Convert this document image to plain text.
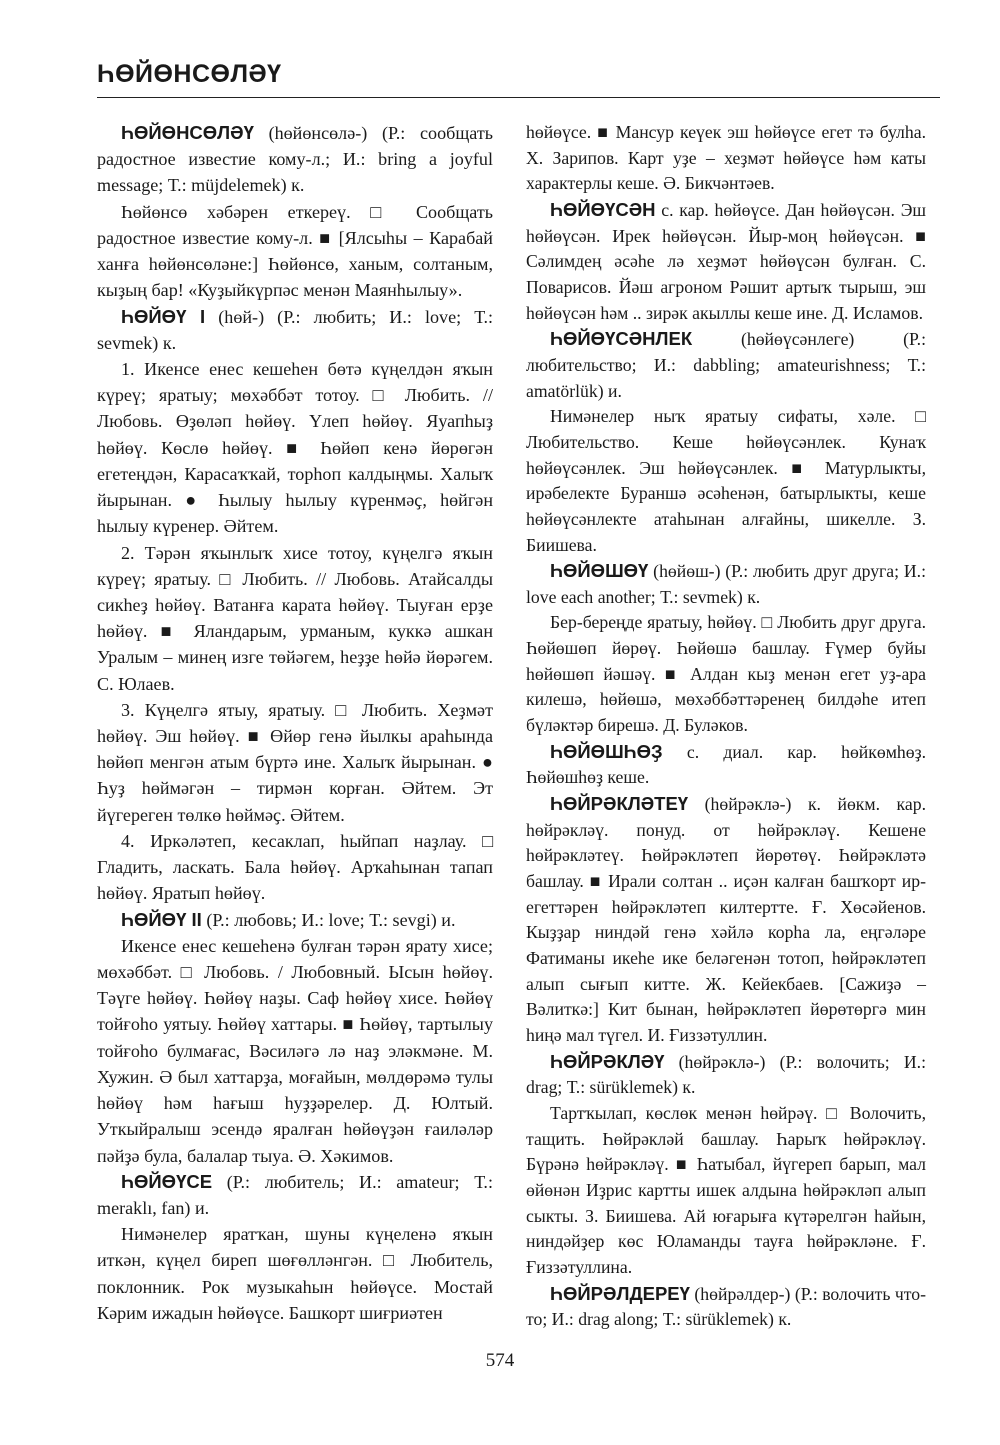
ҺӨЙӨНСӨЛӘҮ

ҺӨЙӨНСӨЛӘҮ (һөйөнсөлә-) (Р.: сообщать радостное известие кому-л.; И.: bring a joyful message; Т.: müjdelemek) к.

Һөйөнсө хәбәрен еткереү. □ Сообщать радостное известие кому-л. ■ [Ялсыһы – Карабай ханға һөйөнсөләне:] Һөйөнсө, ханым, солтаным, кыҙың бар! «Куҙыйкүрпәс менән Маянһылыу».

ҺӨЙӨҮ I (һөй-) (Р.: любить; И.: love; Т.: sevmek) к.

1. Икенсе енес кешеһен бөтә күңелдән яҡын күреү; яратыу; мөхәббәт тотоу. □ Любить. // Любовь. Өҙөләп һөйөү. Үлеп һөйөү. Яуапһыҙ һөйөү. Көслө һөйөү. ■ Һөйөп кенә йөрөгән егетеңдән, Карасаҡҡай, торһоп калдыңмы. Халыҡ йырынан. ● Һылыу һылыу күренмәҫ, һөйгән һылыу күренер. Әйтем.

2. Тәрән яҡынлыҡ хисе тотоу, күңелгә яҡын күреү; яратыу. □ Любить. // Любовь. Атайсалды сикһеҙ һөйөү. Ватанға карата һөйөү. Тыуған ерҙе һөйөү. ■ Яландарым, урманым, куккә ашкан Уралым – минең изге төйәгем, һеҙҙе һөйә йөрәгем. С. Юлаев.

3. Күңелгә ятыу, яратыу. □ Любить. Хеҙмәт һөйөү. Эш һөйөү. ■ Өйөр генә йылкы араһында һөйөп менгән атым бүртә ине. Халыҡ йырынан. ● Һуҙ һөймәгән – тирмән корған. Әйтем. Эт йүгереген төлкө һөймәҫ. Әйтем.

4. Иркәләтеп, кесаклап, һыйпап наҙлау. □ Гладить, ласкать. Бала һөйөү. Арҡаһынан тапап һөйөү. Яратып һөйөү.

ҺӨЙӨҮ II (Р.: любовь; И.: love; Т.: sevgi) и.

Икенсе енес кешеһенә булған тәрән ярату хисе; мөхәббәт. □ Любовь. / Любовный. Ысын һөйөү. Тәүге һөйөү. Һөйөү наҙы. Саф һөйөү хисе. Һөйөү тойғоһо уятыу. Һөйөү хаттары. ■ Һөйөү, тартылыу тойғоһо булмағас, Вәсиләгә лә наҙ эләкмәне. М. Хужин. Ә был хаттарҙа, моғайын, мөлдөрәмә тулы һөйөү һәм һағыш һуҙҙәрелер. Д. Юлтый. Уткыйралыш эсендә яралған һөйөүҙән ғаиләләр пәйҙә була, балалар тыуа. Ә. Хәкимов.

ҺӨЙӨҮСЕ (Р.: любитель; И.: amateur; Т.: meraklı, fan) и.

Нимәнелер яратҡан, шуны күңеленә яҡын иткән, күңел биреп шөғөлләнгән. □ Любитель, поклонник. Рок музыкаһын һөйөүсе. Мостай Кәрим ижадын һөйөүсе. Башкорт шиғриәтен

һөйөүсе. ■ Мансур кеүек эш һөйөүсе егет тә булһа. Х. Зарипов. Карт уҙе – хеҙмәт һөйөүсе һәм каты характерлы кеше. Ә. Бикчәнтәев.

ҺӨЙӨҮСӘН с. кар. һөйөүсе. Дан һөйөүсән. Эш һөйөүсән. Ирек һөйөүсән. Йыр-моң һөйөүсән. ■ Сәлимдең әсәһе лә хеҙмәт һөйөүсән булған. С. Поварисов. Йәш агроном Рәшит артыҡ тырыш, эш һөйөүсән һәм .. зирәк акыллы кеше ине. Д. Исламов.

ҺӨЙӨҮСӘНЛЕК (һөйөүсәнлеге) (Р.: любительство; И.: dabbling; amateurishness; Т.: amatörlük) и.

Нимәнелер ныҡ яратыу сифаты, хәле. □ Любительство. Кеше һөйөүсәнлек. Кунаҡ һөйөүсәнлек. Эш һөйөүсәнлек. ■ Матурлыкты, ирәбелекте Бураншә әсәһенән, батырлыкты, кеше һөйөүсәнлекте атаһынан алғайны, шикелле. З. Биишева.

ҺӨЙӨШӨҮ (һөйөш-) (Р.: любить друг друга; И.: love each another; Т.: sevmek) к.

Бер-береңде яратыу, һөйөү. □ Любить друг друга. Һөйөшөп йөрөү. Һөйөшә башлау. Ғүмер буйы һөйөшөп йәшәү. ■ Алдан кыҙ менән егет уҙ-ара килешә, һөйөшә, мөхәббәттәренең билдәһе итеп бүләктәр бирешә. Д. Буләков.

ҺӨЙӨШҺӨҘ с. диал. кар. һөйкөмһөҙ. Һөйөшһөҙ кеше.

ҺӨЙРӘКЛӘТЕҮ (һөйрәклә-) к. йөкм. кар. һөйрәкләү. понуд. от һөйрәкләү. Кешене һөйрәкләтеү. Һөйрәкләтеп йөрөтөү. Һөйрәкләтә башлау. ■ Ирали солтан .. иҫән калған башҡорт ир-егеттәрен һөйрәкләтеп килтертте. Ғ. Хөсәйенов. Кыҙҙар ниндәй генә хәйлә корһа ла, еңгәләре Фатиманы икеһе ике беләгенән тотоп, һөйрәкләтеп алып сығып китте. Ж. Кейекбаев. [Сажиҙә – Вәлиткә:] Кит бынан, һөйрәкләтеп йөрөтөргә мин һиңә мал түгел. И. Ғиззәтуллин.

ҺӨЙРӘКЛӘҮ (һөйрәклә-) (Р.: волочить; И.: drag; Т.: sürüklemek) к.

Тартҡылап, көслөк менән һөйрәү. □ Волочить, тащить. Һөйрәкләй башлау. Һарыҡ һөйрәкләү. Бүрәнә һөйрәкләү. ■ Һатыбал, йүгереп барып, мал өйөнән Иҙрис картты ишек алдына һөйрәкләп алып сыкты. З. Биишева. Ай юғарыға күтәрелгән һайын, ниндәйҙер көс Юламанды тауға һөйрәкләне. Ғ. Ғиззәтуллина.

ҺӨЙРӘЛДЕРЕҮ (һөйрәлдер-) (Р.: волочить что-то; И.: drag along; Т.: sürüklemek) к.

574
